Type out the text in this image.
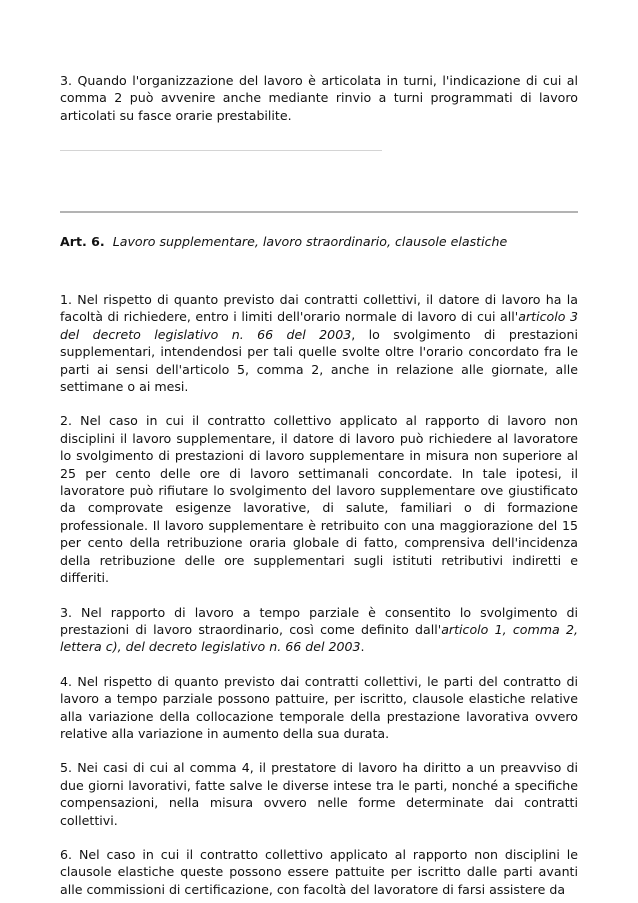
3. Quando l'organizzazione del lavoro è articolata in turni, l'indicazione di cui al comma 2 può avvenire anche mediante rinvio a turni programmati di lavoro articolati su fasce orarie prestabilite.

Art. 6. Lavoro supplementare, lavoro straordinario, clausole elastiche

1. Nel rispetto di quanto previsto dai contratti collettivi, il datore di lavoro ha la facoltà di richiedere, entro i limiti dell'orario normale di lavoro di cui all'articolo 3 del decreto legislativo n. 66 del 2003, lo svolgimento di prestazioni supplementari, intendendosi per tali quelle svolte oltre l'orario concordato fra le parti ai sensi dell'articolo 5, comma 2, anche in relazione alle giornate, alle settimane o ai mesi.

2. Nel caso in cui il contratto collettivo applicato al rapporto di lavoro non disciplini il lavoro supplementare, il datore di lavoro può richiedere al lavoratore lo svolgimento di prestazioni di lavoro supplementare in misura non superiore al 25 per cento delle ore di lavoro settimanali concordate. In tale ipotesi, il lavoratore può rifiutare lo svolgimento del lavoro supplementare ove giustificato da comprovate esigenze lavorative, di salute, familiari o di formazione professionale. Il lavoro supplementare è retribuito con una maggiorazione del 15 per cento della retribuzione oraria globale di fatto, comprensiva dell'incidenza della retribuzione delle ore supplementari sugli istituti retributivi indiretti e differiti.

3. Nel rapporto di lavoro a tempo parziale è consentito lo svolgimento di prestazioni di lavoro straordinario, così come definito dall'articolo 1, comma 2, lettera c), del decreto legislativo n. 66 del 2003.

4. Nel rispetto di quanto previsto dai contratti collettivi, le parti del contratto di lavoro a tempo parziale possono pattuire, per iscritto, clausole elastiche relative alla variazione della collocazione temporale della prestazione lavorativa ovvero relative alla variazione in aumento della sua durata.

5. Nei casi di cui al comma 4, il prestatore di lavoro ha diritto a un preavviso di due giorni lavorativi, fatte salve le diverse intese tra le parti, nonché a specifiche compensazioni, nella misura ovvero nelle forme determinate dai contratti collettivi.

6. Nel caso in cui il contratto collettivo applicato al rapporto non disciplini le clausole elastiche queste possono essere pattuite per iscritto dalle parti avanti alle commissioni di certificazione, con facoltà del lavoratore di farsi assistere da
